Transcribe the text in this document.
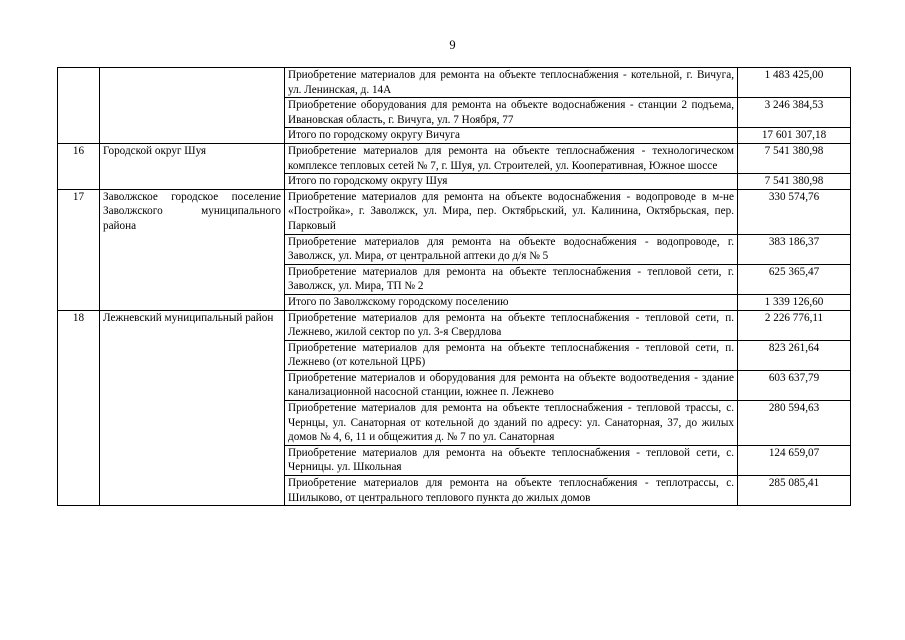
9
		Приобретение материалов для ремонта на объекте теплоснабжения - котельной, г. Вичуга, ул. Ленинская, д. 14А	1 483 425,00
		Приобретение оборудования для ремонта на объекте водоснабжения - станции 2 подъема, Ивановская область, г. Вичуга, ул. 7 Ноября, 77	3 246 384,53
		Итого по городскому округу Вичуга	17 601 307,18
16	Городской округ Шуя	Приобретение материалов для ремонта на объекте теплоснабжения - технологическом комплексе тепловых сетей № 7, г. Шуя, ул. Строителей, ул. Кооперативная, Южное шоссе	7 541 380,98
		Итого по городскому округу Шуя	7 541 380,98
17	Заволжское городское поселение Заволжского муниципального района	Приобретение материалов для ремонта на объекте водоснабжения - водопроводе в м-не «Постройка», г. Заволжск, ул. Мира, пер. Октябрьский, ул. Калинина, Октябрьская, пер. Парковый	330 574,76
		Приобретение материалов для ремонта на объекте водоснабжения - водопроводе, г. Заволжск, ул. Мира, от центральной аптеки до д/я № 5	383 186,37
		Приобретение материалов для ремонта на объекте теплоснабжения - тепловой сети, г. Заволжск, ул. Мира, ТП № 2	625 365,47
		Итого по Заволжскому городскому поселению	1 339 126,60
18	Лежневский муниципальный район	Приобретение материалов для ремонта на объекте теплоснабжения - тепловой сети, п. Лежнево, жилой сектор по ул. 3-я Свердлова	2 226 776,11
		Приобретение материалов для ремонта на объекте теплоснабжения - тепловой сети, п. Лежнево (от котельной ЦРБ)	823 261,64
		Приобретение материалов и оборудования для ремонта на объекте водоотведения - здание канализационной насосной станции, южнее п. Лежнево	603 637,79
		Приобретение материалов для ремонта на объекте теплоснабжения - тепловой трассы, с. Чернцы, ул. Санаторная от котельной до зданий по адресу: ул. Санаторная, 37, до жилых домов № 4, 6, 11 и общежития д. № 7 по ул. Санаторная	280 594,63
		Приобретение материалов для ремонта на объекте теплоснабжения - тепловой сети, с. Черницы. ул. Школьная	124 659,07
		Приобретение материалов для ремонта на объекте теплоснабжения - теплотрассы, с. Шилыково, от центрального теплового пункта до жилых домов	285 085,41
